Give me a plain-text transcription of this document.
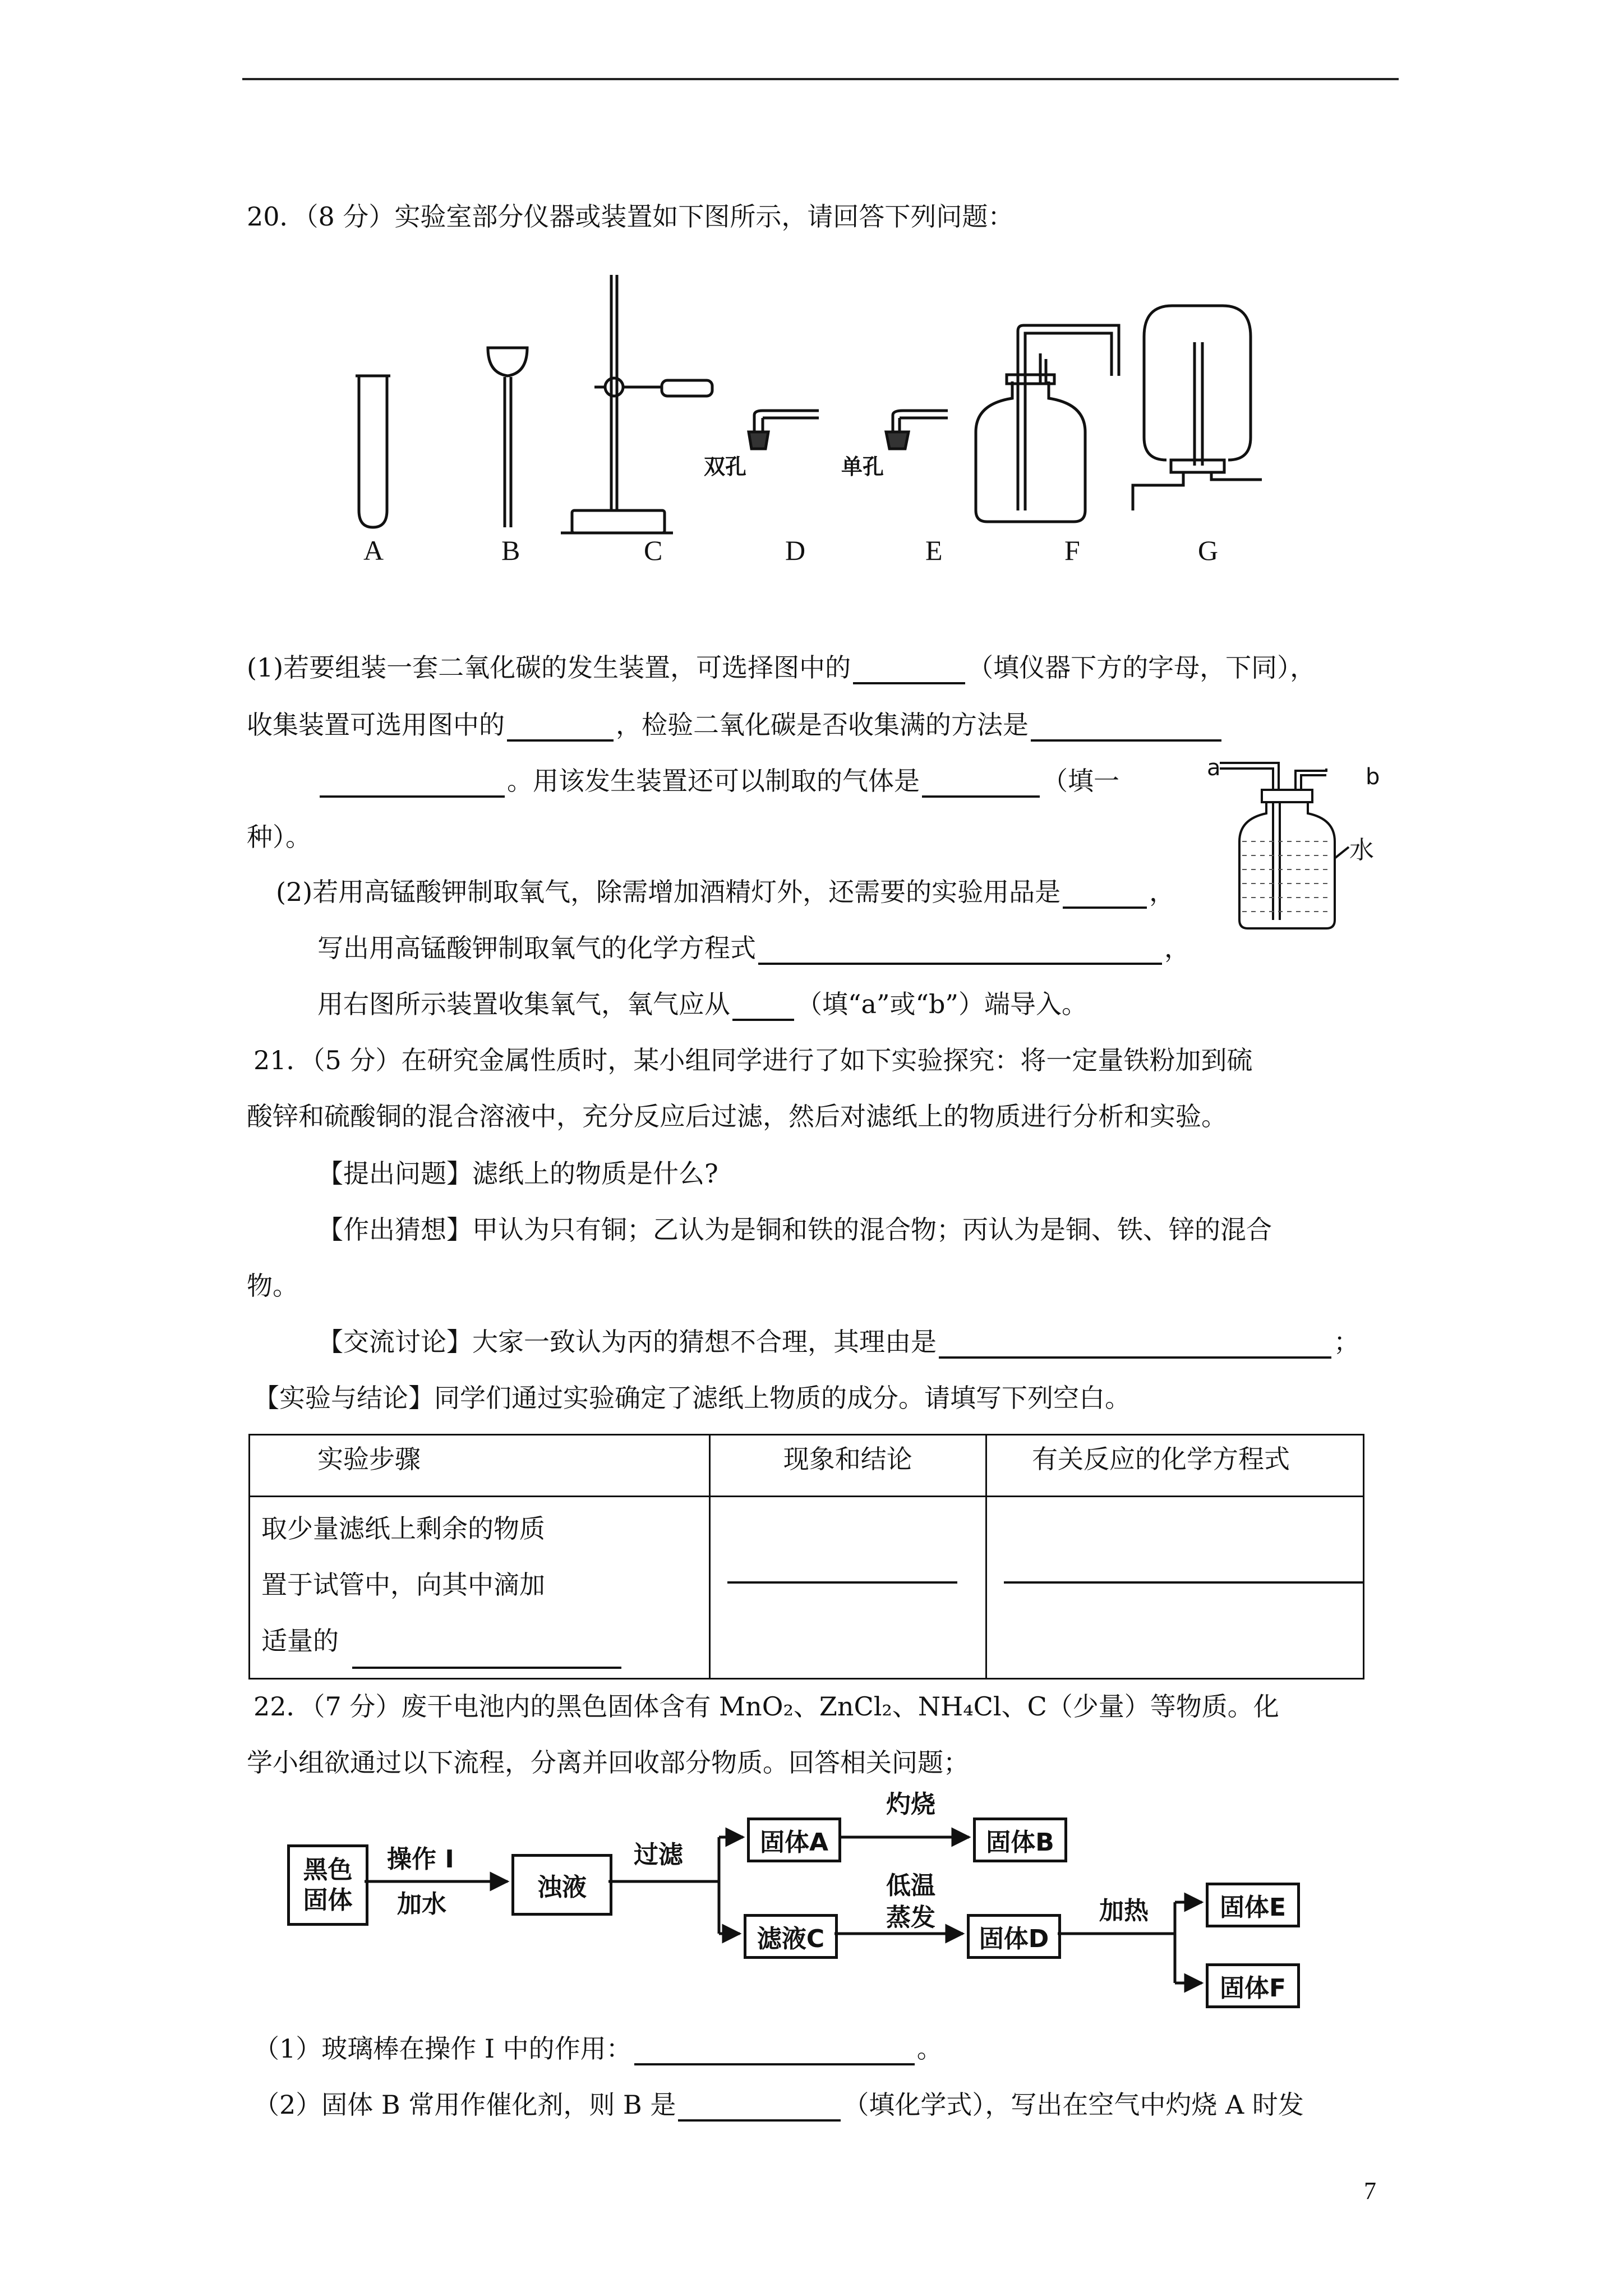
20．（8 分）实验室部分仪器或装置如下图所示，请回答下列问题：
双孔	单孔
A	B	C	D	E	F	G
(1)若要组装一套二氧化碳的发生装置，可选择图中的	（填仪器下方的字母，下同），
收集装置可选用图中的	，检验二氧化碳是否收集满的方法是
。用该发生装置还可以制取的气体是	（填一
种）。
a	b
水
(2)若用高锰酸钾制取氧气，除需增加酒精灯外，还需要的实验用品是	，
写出用高锰酸钾制取氧气的化学方程式	，
用右图所示装置收集氧气，氧气应从	（填“a”或“b”）端导入。
21．（5 分）在研究金属性质时，某小组同学进行了如下实验探究：将一定量铁粉加到硫
酸锌和硫酸铜的混合溶液中，充分反应后过滤，然后对滤纸上的物质进行分析和实验。
【提出问题】滤纸上的物质是什么?
【作出猜想】甲认为只有铜；乙认为是铜和铁的混合物；丙认为是铜、铁、锌的混合
物。
【交流讨论】大家一致认为丙的猜想不合理，其理由是	；
【实验与结论】同学们通过实验确定了滤纸上物质的成分。请填写下列空白。
实验步骤	现象和结论	有关反应的化学方程式

取少量滤纸上剩余的物质
置于试管中，向其中滴加
适量的		

22．（7 分）废干电池内的黑色固体含有 MnO₂、ZnCl₂、NH₄Cl、C（少量）等物质。化
学小组欲通过以下流程，分离并回收部分物质。回答相关问题；
黑色
固体
操作 I
加水
浊液
过滤	固体A
灼烧
固体B
滤液C
低温
蒸发
固体D
加热	固体E
固体F
（1）玻璃棒在操作 I 中的作用：	。
（2）固体 B 常用作催化剂，则 B 是	（填化学式），写出在空气中灼烧 A 时发
7
